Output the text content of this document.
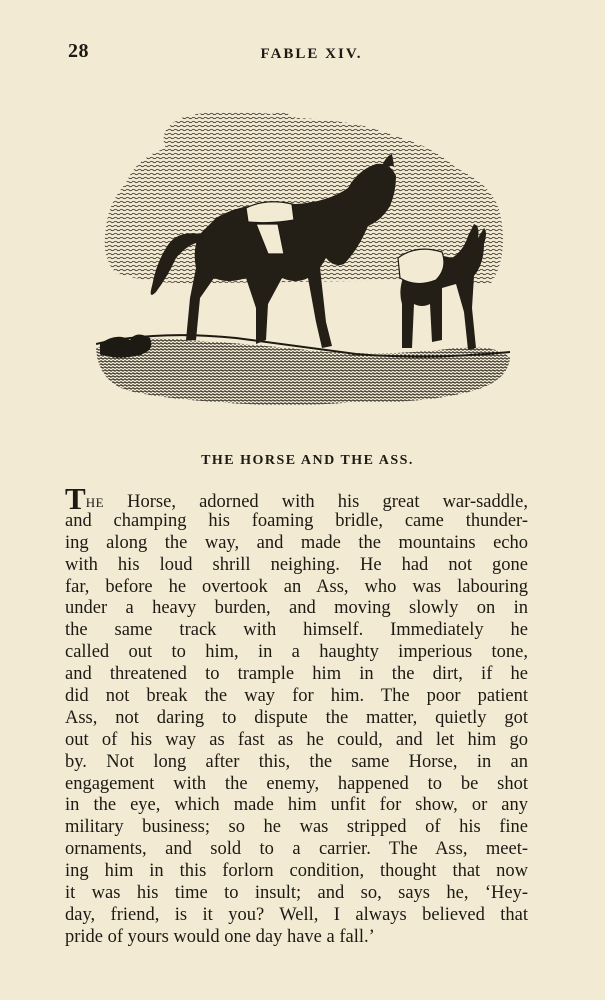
28	FABLE XIV.
THE HORSE AND THE ASS.
THE Horse, adorned with his great war-saddle,
and champing his foaming bridle, came thunder-
ing along the way, and made the mountains echo
with his loud shrill neighing. He had not gone
far, before he overtook an Ass, who was labouring
under a heavy burden, and moving slowly on in
the same track with himself. Immediately he
called out to him, in a haughty imperious tone,
and threatened to trample him in the dirt, if he
did not break the way for him. The poor patient
Ass, not daring to dispute the matter, quietly got
out of his way as fast as he could, and let him go
by. Not long after this, the same Horse, in an
engagement with the enemy, happened to be shot
in the eye, which made him unfit for show, or any
military business; so he was stripped of his fine
ornaments, and sold to a carrier. The Ass, meet-
ing him in this forlorn condition, thought that now
it was his time to insult; and so, says he, ‘Hey-
day, friend, is it you? Well, I always believed that
pride of yours would one day have a fall.’
